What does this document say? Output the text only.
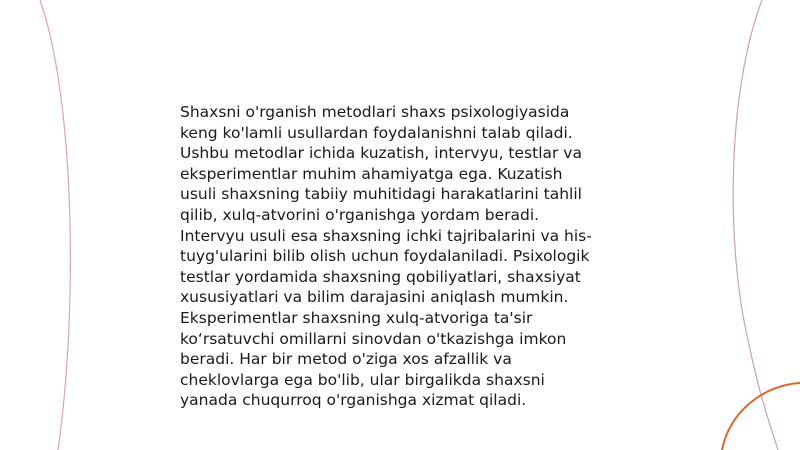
Shaxsni o'rganish metodlari shaxs psixologiyasida
keng ko'lamli usullardan foydalanishni talab qiladi.
Ushbu metodlar ichida kuzatish, intervyu, testlar va
eksperimentlar muhim ahamiyatga ega. Kuzatish
usuli shaxsning tabiiy muhitidagi harakatlarini tahlil
qilib, xulq-atvorini o'rganishga yordam beradi.
Intervyu usuli esa shaxsning ichki tajribalarini va his-
tuyg'ularini bilib olish uchun foydalaniladi. Psixologik
testlar yordamida shaxsning qobiliyatlari, shaxsiyat
xususiyatlari va bilim darajasini aniqlash mumkin.
Eksperimentlar shaxsning xulq-atvoriga ta'sir
ko‘rsatuvchi omillarni sinovdan o'tkazishga imkon
beradi. Har bir metod o'ziga xos afzallik va
cheklovlarga ega bo'lib, ular birgalikda shaxsni
yanada chuqurroq o'rganishga xizmat qiladi.
